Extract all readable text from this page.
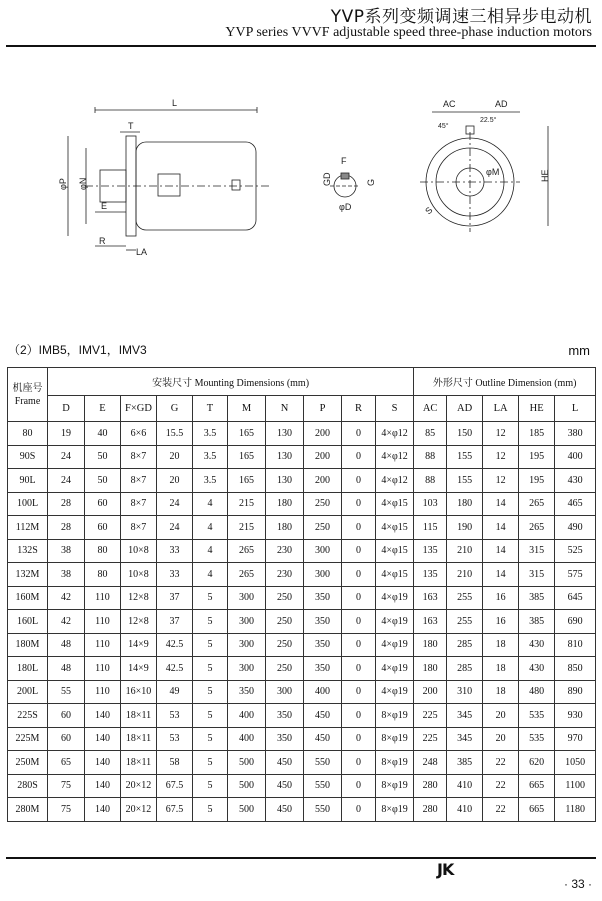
YVP系列变频调速三相异步电动机
YVP series VVVF adjustable speed three-phase induction motors
L
T
φP φN
E
R
LA
F
GD	G
φD
AC	AD
45°
22.5°
φM	HE
S
（2）IMB5，IMV1，IMV3	mm
机座号
Frame	安装尺寸 Mounting Dimensions (mm)										外形尺寸 Outline Dimension (mm)				
	D	E	F×GD	G	T	M	N	P	R	S	AC	AD	LA	HE	L
80	19	40	6×6	15.5	3.5	165	130	200	0	4×φ12	85	150	12	185	380
90S	24	50	8×7	20	3.5	165	130	200	0	4×φ12	88	155	12	195	400
90L	24	50	8×7	20	3.5	165	130	200	0	4×φ12	88	155	12	195	430
100L	28	60	8×7	24	4	215	180	250	0	4×φ15	103	180	14	265	465
112M	28	60	8×7	24	4	215	180	250	0	4×φ15	115	190	14	265	490
132S	38	80	10×8	33	4	265	230	300	0	4×φ15	135	210	14	315	525
132M	38	80	10×8	33	4	265	230	300	0	4×φ15	135	210	14	315	575
160M	42	110	12×8	37	5	300	250	350	0	4×φ19	163	255	16	385	645
160L	42	110	12×8	37	5	300	250	350	0	4×φ19	163	255	16	385	690
180M	48	110	14×9	42.5	5	300	250	350	0	4×φ19	180	285	18	430	810
180L	48	110	14×9	42.5	5	300	250	350	0	4×φ19	180	285	18	430	850
200L	55	110	16×10	49	5	350	300	400	0	4×φ19	200	310	18	480	890
225S	60	140	18×11	53	5	400	350	450	0	8×φ19	225	345	20	535	930
225M	60	140	18×11	53	5	400	350	450	0	8×φ19	225	345	20	535	970
250M	65	140	18×11	58	5	500	450	550	0	8×φ19	248	385	22	620	1050
280S	75	140	20×12	67.5	5	500	450	550	0	8×φ19	280	410	22	665	1100
280M	75	140	20×12	67.5	5	500	450	550	0	8×φ19	280	410	22	665	1180
JK
· 33 ·
